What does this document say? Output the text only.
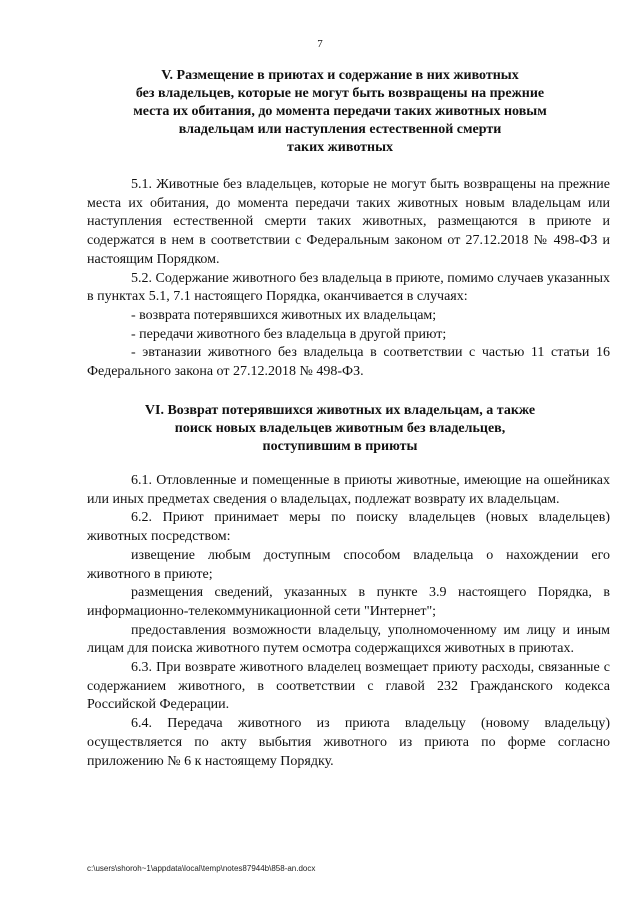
7
V. Размещение в приютах и содержание в них животных
без владельцев, которые не могут быть возвращены на прежние
места их обитания, до момента передачи таких животных новым
владельцам или наступления естественной смерти
таких животных

5.1. Животные без владельцев, которые не могут быть возвращены на прежние места их обитания, до момента передачи таких животных новым владельцам или наступления естественной смерти таких животных, размещаются в приюте и содержатся в нем в соответствии с Федеральным законом от 27.12.2018 № 498-ФЗ и настоящим Порядком.

5.2. Содержание животного без владельца в приюте, помимо случаев указанных в пунктах 5.1, 7.1 настоящего Порядка, оканчивается в случаях:

- возврата потерявшихся животных их владельцам;

- передачи животного без владельца в другой приют;

- эвтаназии животного без владельца в соответствии с частью 11 статьи 16 Федерального закона от 27.12.2018 № 498-ФЗ.

VI. Возврат потерявшихся животных их владельцам, а также
поиск новых владельцев животным без владельцев,
поступившим в приюты

6.1. Отловленные и помещенные в приюты животные, имеющие на ошейниках или иных предметах сведения о владельцах, подлежат возврату их владельцам.

6.2. Приют принимает меры по поиску владельцев (новых владельцев) животных посредством:

извещение любым доступным способом владельца о нахождении его животного в приюте;

размещения сведений, указанных в пункте 3.9 настоящего Порядка, в информационно-телекоммуникационной сети "Интернет";

предоставления возможности владельцу, уполномоченному им лицу и иным лицам для поиска животного путем осмотра содержащихся животных в приютах.

6.3. При возврате животного владелец возмещает приюту расходы, связанные с содержанием животного, в соответствии с главой 232 Гражданского кодекса Российской Федерации.

6.4. Передача животного из приюта владельцу (новому владельцу) осуществляется по акту выбытия животного из приюта по форме согласно приложению № 6 к настоящему Порядку.

c:\users\shoroh~1\appdata\local\temp\notes87944b\858-an.docx
